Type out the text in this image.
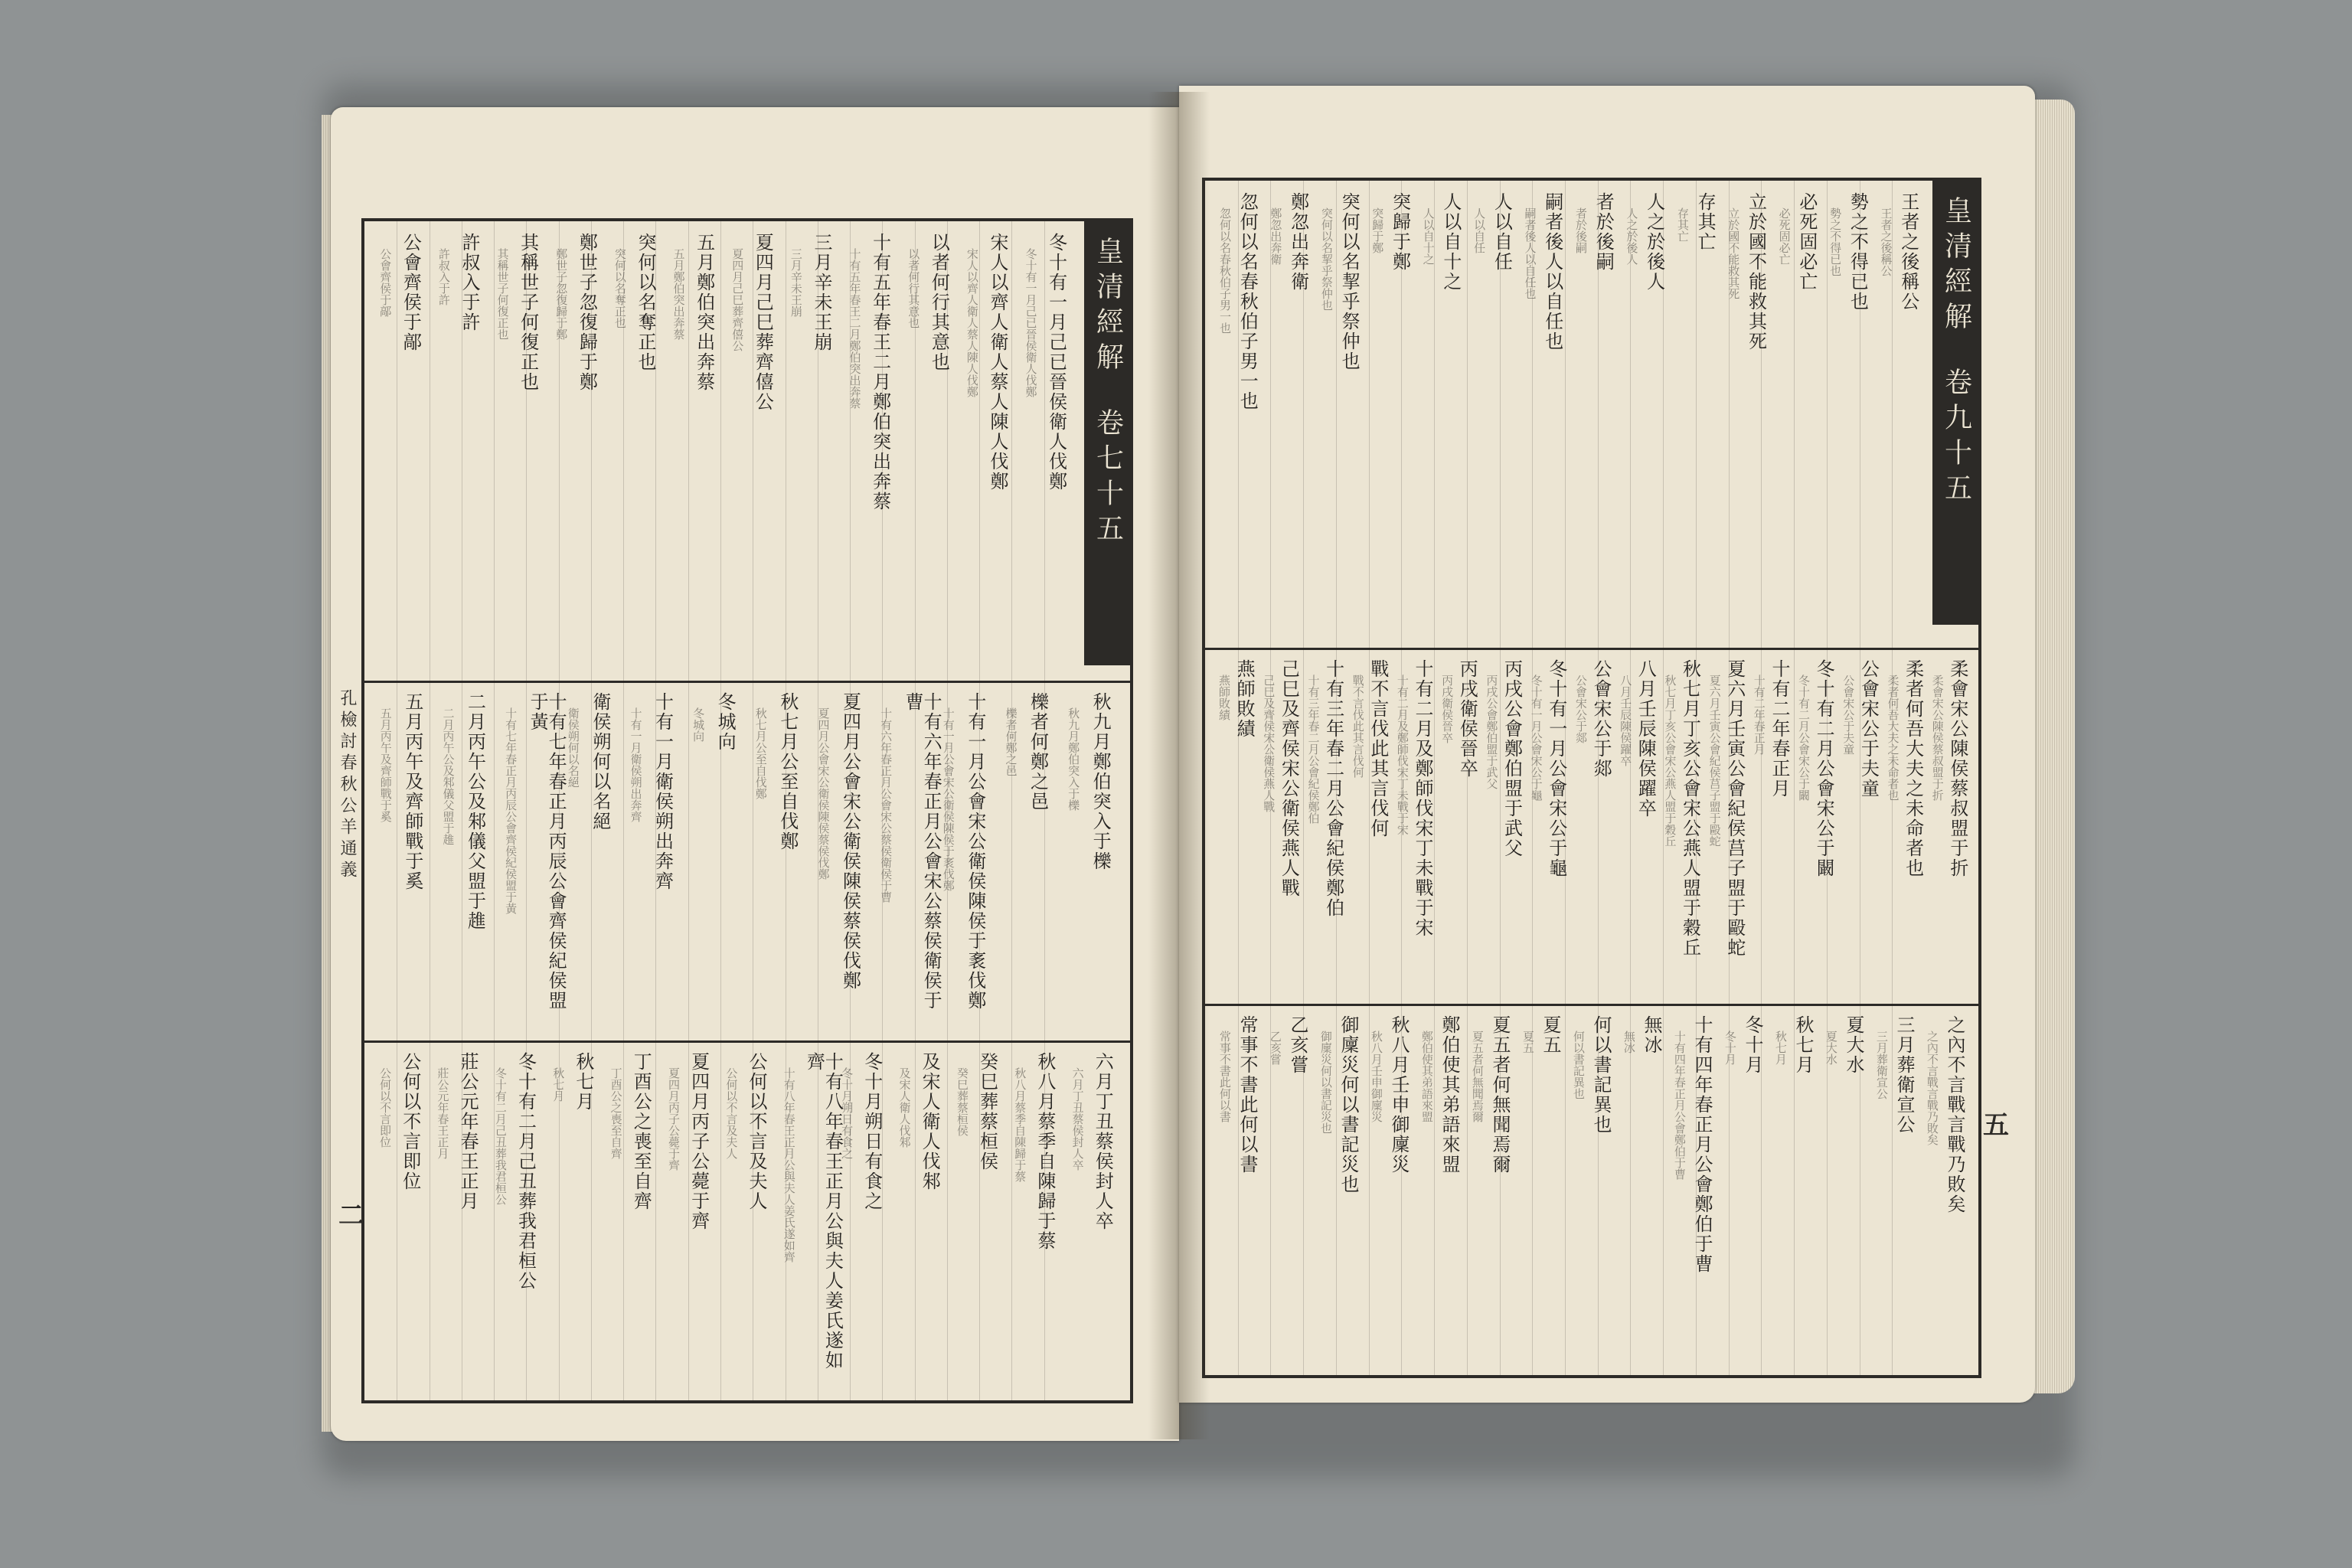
皇清經解
卷七十五
冬十有一月己已晉侯衛人伐鄭
冬十有一月己已晉侯衛人伐鄭
宋人以齊人衛人蔡人陳人伐鄭
宋人以齊人衛人蔡人陳人伐鄭
以者何行其意也
以者何行其意也
十有五年春王二月鄭伯突出奔蔡
十有五年春王二月鄭伯突出奔蔡
三月辛未王崩
三月辛未王崩
夏四月己巳葬齊僖公
夏四月己巳葬齊僖公
五月鄭伯突出奔蔡
五月鄭伯突出奔蔡
突何以名奪正也
突何以名奪正也
鄭世子忽復歸于鄭
鄭世子忽復歸于鄭
其稱世子何復正也
其稱世子何復正也
許叔入于許
許叔入于許
公會齊侯于鄗
公會齊侯于鄗
秋九月鄭伯突入于櫟
秋九月鄭伯突入于櫟
櫟者何鄭之邑
櫟者何鄭之邑
十有一月公會宋公衛侯陳侯于袲伐鄭
十有一月公會宋公衛侯陳侯于袲伐鄭
十有六年春正月公會宋公蔡侯衛侯于曹
十有六年春正月公會宋公蔡侯衛侯于曹
夏四月公會宋公衛侯陳侯蔡侯伐鄭
夏四月公會宋公衛侯陳侯蔡侯伐鄭
秋七月公至自伐鄭
秋七月公至自伐鄭
冬城向
冬城向
十有一月衛侯朔出奔齊
十有一月衛侯朔出奔齊
衛侯朔何以名絕
衛侯朔何以名絕
十有七年春正月丙辰公會齊侯紀侯盟于黃
十有七年春正月丙辰公會齊侯紀侯盟于黃
二月丙午公及邾儀父盟于趡
二月丙午公及邾儀父盟于趡
五月丙午及齊師戰于奚
五月丙午及齊師戰于奚
六月丁丑蔡侯封人卒
六月丁丑蔡侯封人卒
秋八月蔡季自陳歸于蔡
秋八月蔡季自陳歸于蔡
癸巳葬蔡桓侯
癸巳葬蔡桓侯
及宋人衛人伐邾
及宋人衛人伐邾
冬十月朔日有食之
冬十月朔日有食之
十有八年春王正月公與夫人姜氏遂如齊
十有八年春王正月公與夫人姜氏遂如齊
公何以不言及夫人
公何以不言及夫人
夏四月丙子公薨于齊
夏四月丙子公薨于齊
丁酉公之喪至自齊
丁酉公之喪至自齊
秋七月
秋七月
冬十有二月己丑葬我君桓公
冬十有二月己丑葬我君桓公
莊公元年春王正月
莊公元年春王正月
公何以不言即位
公何以不言即位
孔檢討春秋公羊通義
二
皇清經解
卷九十五
王者之後稱公
王者之後稱公
勢之不得已也
勢之不得已也
必死固必亡
必死固必亡
立於國不能救其死
立於國不能救其死
存其亡
存其亡
人之於後人
人之於後人
者於後嗣
者於後嗣
嗣者後人以自任也
嗣者後人以自任也
人以自任
人以自任
人以自十之
人以自十之
突歸于鄭
突歸于鄭
突何以名挈乎祭仲也
突何以名挈乎祭仲也
鄭忽出奔衛
鄭忽出奔衛
忽何以名春秋伯子男一也
忽何以名春秋伯子男一也
柔會宋公陳侯蔡叔盟于折
柔會宋公陳侯蔡叔盟于折
柔者何吾大夫之未命者也
柔者何吾大夫之未命者也
公會宋公于夫童
公會宋公于夫童
冬十有二月公會宋公于闞
冬十有二月公會宋公于闞
十有二年春正月
十有二年春正月
夏六月壬寅公會紀侯莒子盟于毆蛇
夏六月壬寅公會紀侯莒子盟于毆蛇
秋七月丁亥公會宋公燕人盟于穀丘
秋七月丁亥公會宋公燕人盟于穀丘
八月壬辰陳侯躍卒
八月壬辰陳侯躍卒
公會宋公于郯
公會宋公于郯
冬十有一月公會宋公于龜
冬十有一月公會宋公于龜
丙戌公會鄭伯盟于武父
丙戌公會鄭伯盟于武父
丙戌衛侯晉卒
丙戌衛侯晉卒
十有二月及鄭師伐宋丁未戰于宋
十有二月及鄭師伐宋丁未戰于宋
戰不言伐此其言伐何
戰不言伐此其言伐何
十有三年春二月公會紀侯鄭伯
十有三年春二月公會紀侯鄭伯
己巳及齊侯宋公衛侯燕人戰
己巳及齊侯宋公衛侯燕人戰
燕師敗績
燕師敗績
之內不言戰言戰乃敗矣
之內不言戰言戰乃敗矣
三月葬衛宣公
三月葬衛宣公
夏大水
夏大水
秋七月
秋七月
冬十月
冬十月
十有四年春正月公會鄭伯于曹
十有四年春正月公會鄭伯于曹
無冰
無冰
何以書記異也
何以書記異也
夏五
夏五
夏五者何無聞焉爾
夏五者何無聞焉爾
鄭伯使其弟語來盟
鄭伯使其弟語來盟
秋八月壬申御廩災
秋八月壬申御廩災
御廩災何以書記災也
御廩災何以書記災也
乙亥嘗
乙亥嘗
常事不書此何以書
常事不書此何以書
五
